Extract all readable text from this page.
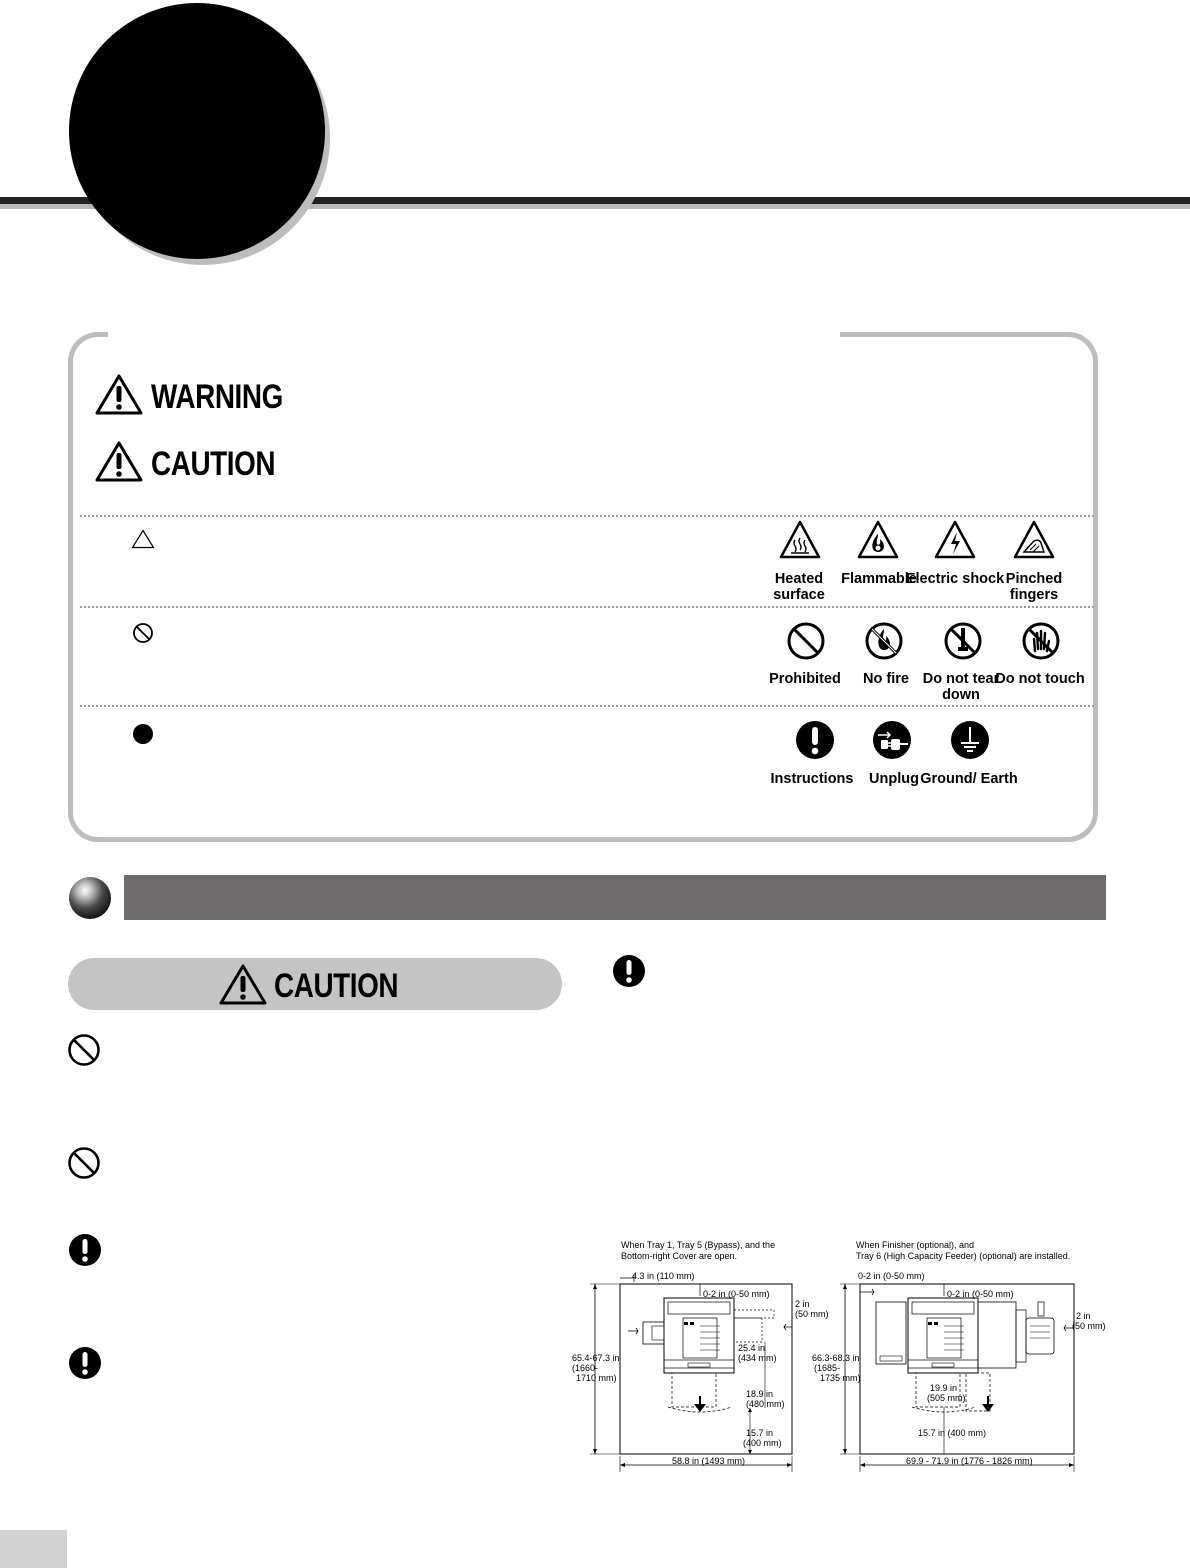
WARNING
CAUTION
Heated surface
Flammable
Electric shock Pinched fingers
Prohibited	No fire Do not tear down
Do not touch
Instructions	Unplug Ground/ Earth
CAUTION
When Tray 1, Tray 5 (Bypass), and the
Bottom-right Cover are open.
4.3 in (110 mm)
0-2 in (0-50 mm)
2 in
(50 mm)
65.4-67.3 in
(1660-
1710 mm)
25.4 in
(434 mm)
18.9 in
(480 mm)
15.7 in
(400 mm)
58.8 in (1493 mm)
When Finisher (optional), and
Tray 6 (High Capacity Feeder) (optional) are installed.
0-2 in (0-50 mm)
0-2 in (0-50 mm)
2 in
(50 mm)
66.3-68.3 in
(1685-
1735 mm)
19.9 in
(505 mm)
15.7 in (400 mm)
69.9 - 71.9 in (1776 - 1826 mm)
